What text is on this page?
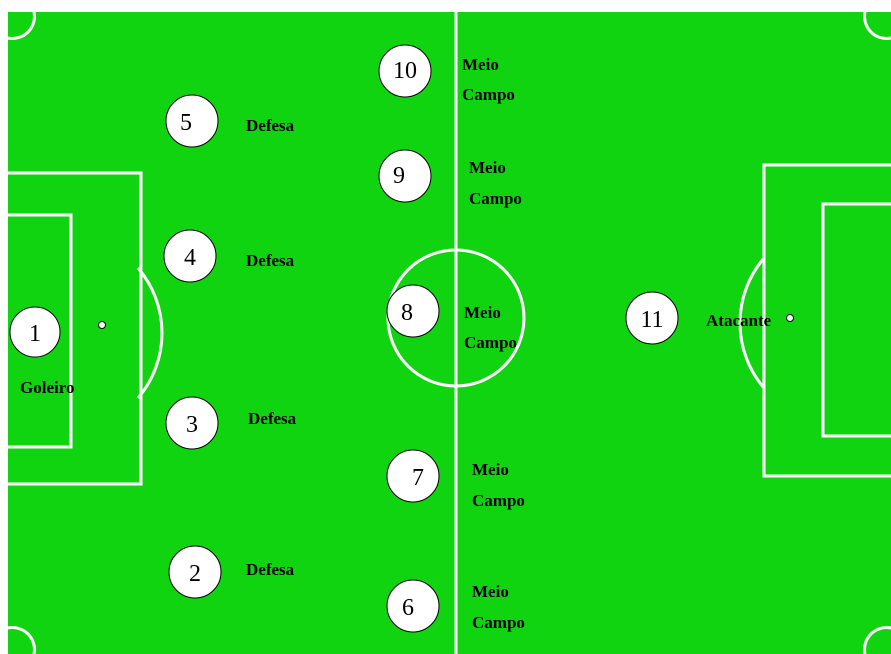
1
Goleiro
2	Defesa
3	Defesa
4	Defesa
5	Defesa
6
Meio
Campo
7	Meio
Campo
8	Meio
Campo
9	Meio
Campo
10	Meio
Campo
11 Atacante
